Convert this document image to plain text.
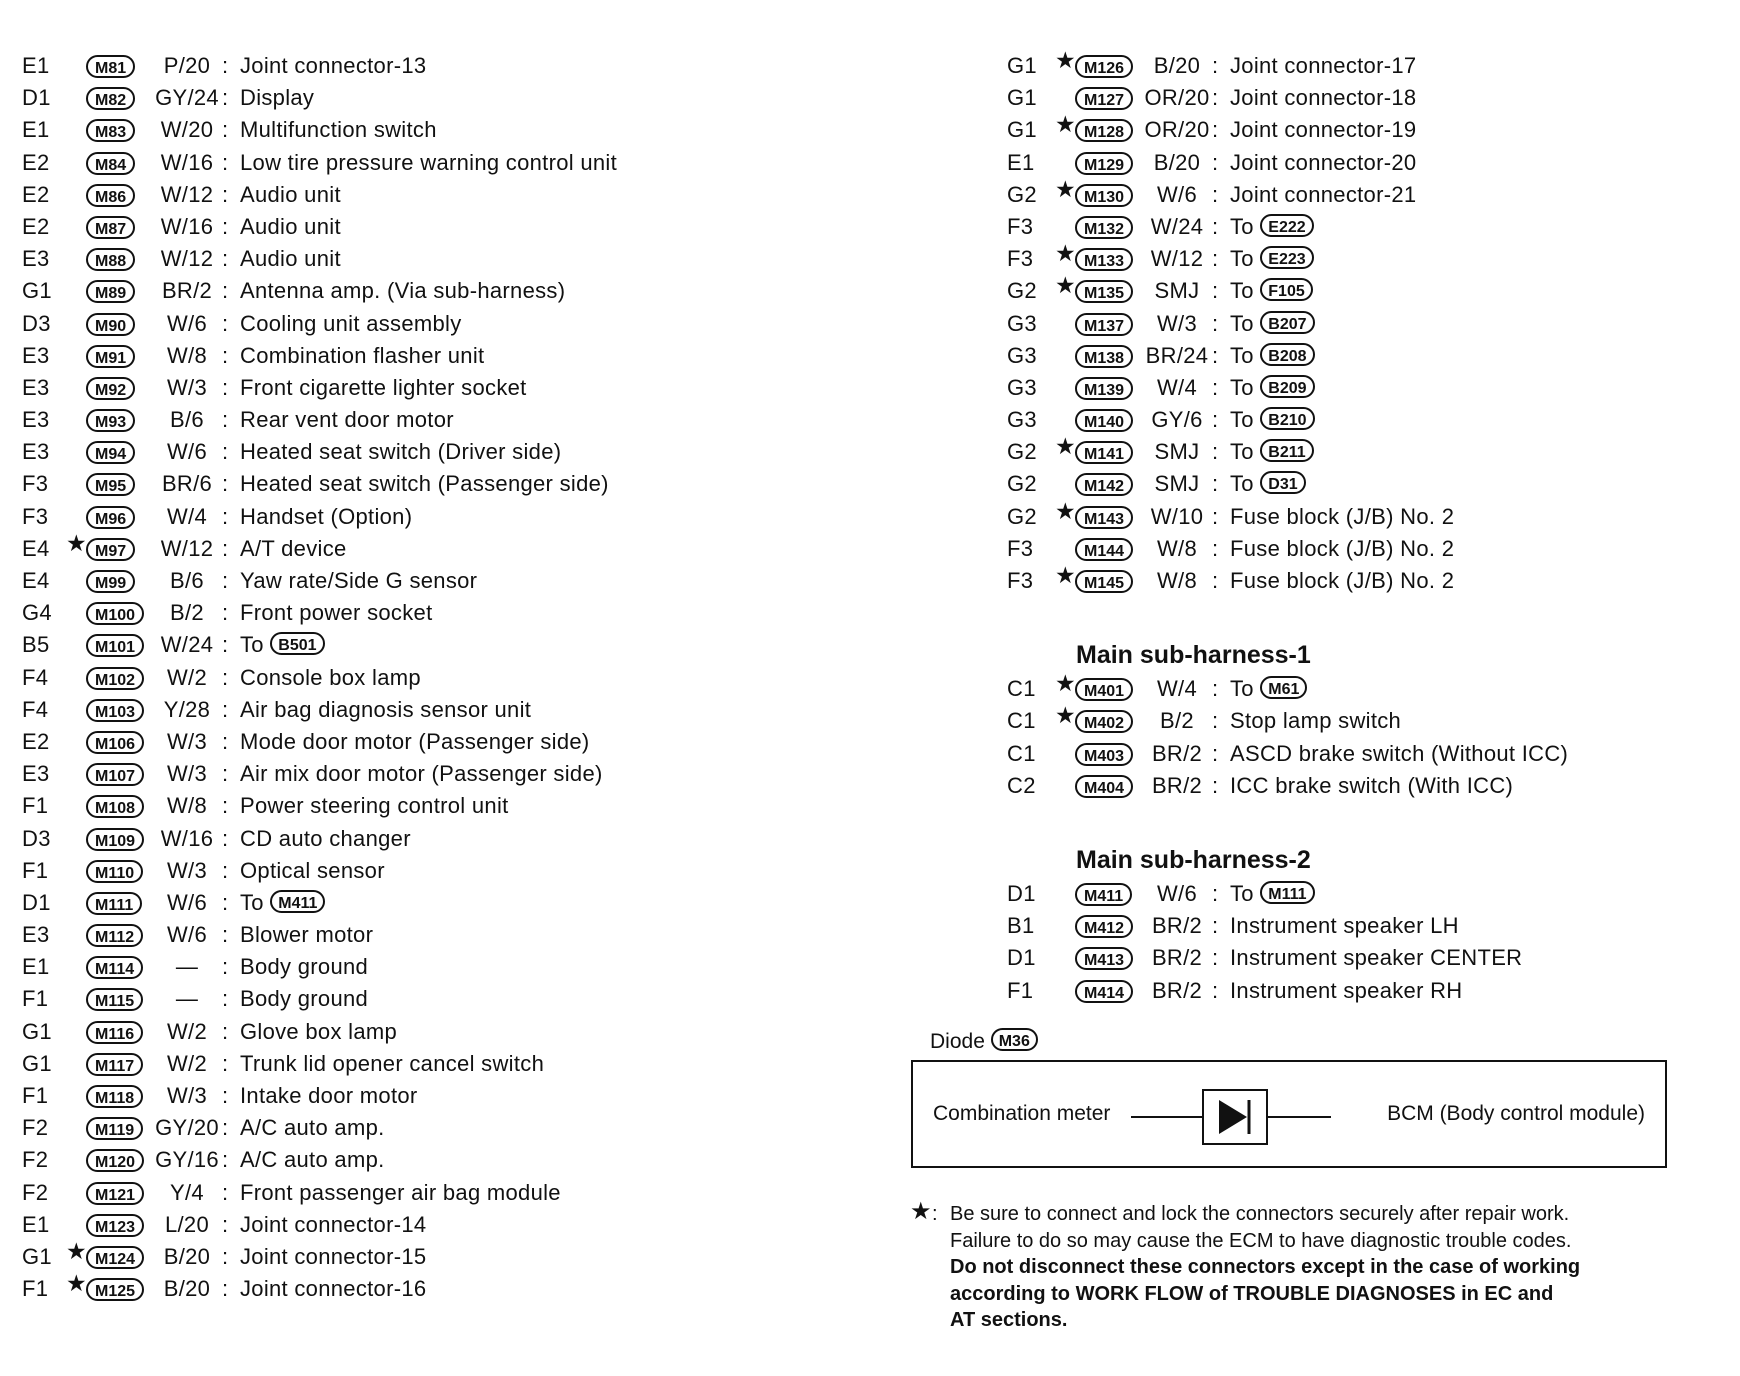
E1	M81	P/20 : Joint connector-13
D1	M82	GY/24 : Display
E1	M83	W/20 : Multifunction switch
E2	M84	W/16 : Low tire pressure warning control unit
E2	M86	W/12 : Audio unit
E2	M87	W/16 : Audio unit
E3	M88	W/12 : Audio unit
G1	M89	BR/2 : Antenna amp. (Via sub-harness)
D3	M90	W/6 : Cooling unit assembly
E3	M91	W/8 : Combination flasher unit
E3	M92	W/3 : Front cigarette lighter socket
E3	M93	B/6 : Rear vent door motor
E3	M94	W/6 : Heated seat switch (Driver side)
F3	M95	BR/6 : Heated seat switch (Passenger side)
F3	M96	W/4 : Handset (Option)
E4 ★ M97	W/12 : A/T device
E4	M99	B/6 : Yaw rate/Side G sensor
G4	M100	B/2 : Front power socket
B5	M101	W/24 : To B501
F4	M102	W/2 : Console box lamp
F4	M103	Y/28 : Air bag diagnosis sensor unit
E2	M106	W/3 : Mode door motor (Passenger side)
E3	M107	W/3 : Air mix door motor (Passenger side)
F1	M108	W/8 : Power steering control unit
D3	M109	W/16 : CD auto changer
F1	M110	W/3 : Optical sensor
D1	M111	W/6 : To M411
E3	M112	W/6 : Blower motor
E1	M114	—	: Body ground
F1	M115	—	: Body ground
G1	M116	W/2 : Glove box lamp
G1	M117	W/2 : Trunk lid opener cancel switch
F1	M118	W/3 : Intake door motor
F2	M119 GY/20 : A/C auto amp.
F2	M120 GY/16 : A/C auto amp.
F2	M121	Y/4 : Front passenger air bag module
E1	M123	L/20 : Joint connector-14
G1 ★ M124	B/20 : Joint connector-15
F1 ★ M125	B/20 : Joint connector-16
G1 ★ M126	B/20 : Joint connector-17
G1	M127 OR/20 : Joint connector-18
G1 ★ M128 OR/20 : Joint connector-19
E1	M129	B/20 : Joint connector-20
G2 ★ M130	W/6 : Joint connector-21
F3	M132	W/24 : To E222
F3 ★ M133	W/12 : To E223
G2 ★ M135	SMJ : To F105
G3	M137	W/3 : To B207
G3	M138 BR/24 : To B208
G3	M139	W/4 : To B209
G3	M140	GY/6 : To B210
G2 ★ M141	SMJ : To B211
G2	M142	SMJ : To D31
G2 ★ M143	W/10 : Fuse block (J/B) No. 2
F3	M144	W/8 : Fuse block (J/B) No. 2
F3 ★ M145	W/8 : Fuse block (J/B) No. 2
Main sub-harness-1
C1 ★ M401	W/4 : To M61
C1 ★ M402	B/2 : Stop lamp switch
C1	M403	BR/2 : ASCD brake switch (Without ICC)
C2	M404	BR/2 : ICC brake switch (With ICC)
Main sub-harness-2
D1	M411	W/6 : To M111
B1	M412	BR/2 : Instrument speaker LH
D1	M413	BR/2 : Instrument speaker CENTER
F1	M414	BR/2 : Instrument speaker RH
Diode M36
Combination meter	BCM (Body control module)
★ : Be sure to connect and lock the connectors securely after repair work.
Failure to do so may cause the ECM to have diagnostic trouble codes.
Do not disconnect these connectors except in the case of working
according to WORK FLOW of TROUBLE DIAGNOSES in EC and
AT sections.
